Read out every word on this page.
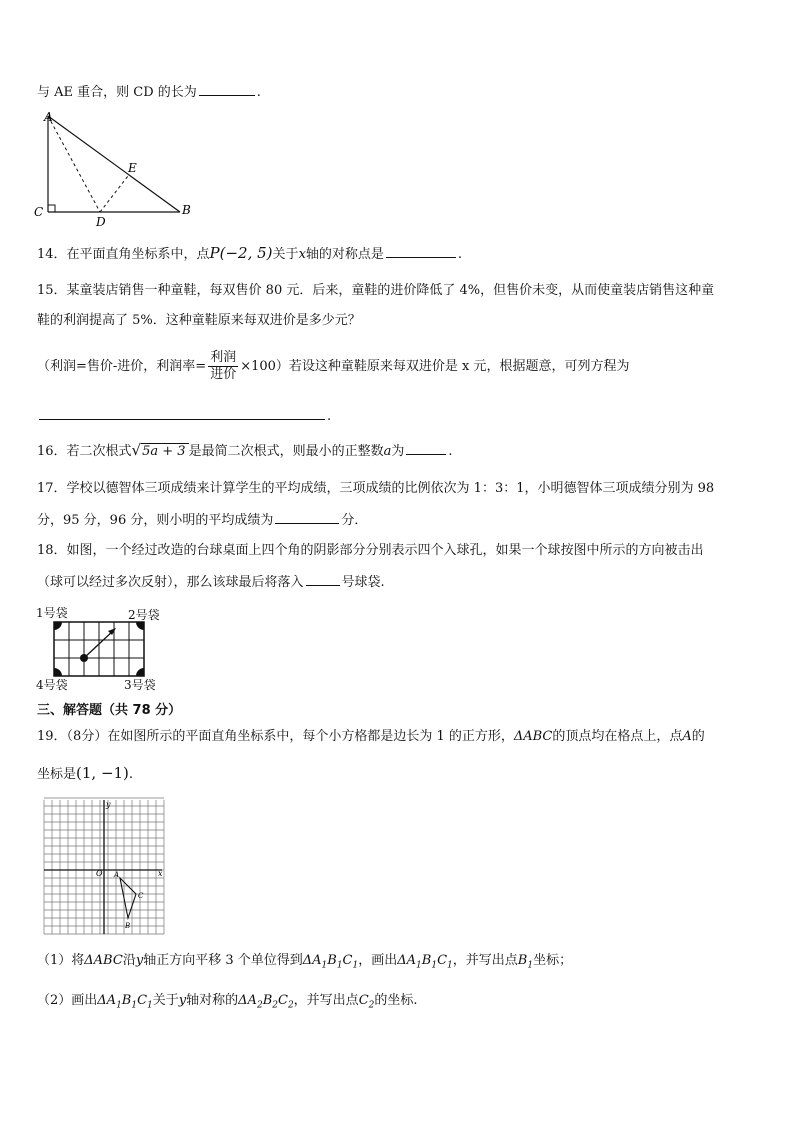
与 AE 重合，则 CD 的长为	.
A
B
C
D
E
14．在平面直角坐标系中，点P(−2, 5)关于x轴的对称点是	.
15．某童装店销售一种童鞋，每双售价 80 元．后来，童鞋的进价降低了 4%，但售价未变，从而使童装店销售这种童
鞋的利润提高了 5%．这种童鞋原来每双进价是多少元？
（利润=售价-进价，利润率= $\frac{\text{利润}}{\text{进价}} \times 100$）若设这种童鞋原来每双进价是 x 元，根据题意，可列方程为
.
16．若二次根式√5a + 3 是最简二次根式，则最小的正整数a为	.
17．学校以德智体三项成绩来计算学生的平均成绩，三项成绩的比例依次为 1：3：1，小明德智体三项成绩分别为 98
分，95 分，96 分，则小明的平均成绩为	分．
18．如图，一个经过改造的台球桌面上四个角的阴影部分分别表示四个入球孔，如果一个球按图中所示的方向被击出
（球可以经过多次反射），那么该球最后将落入	号球袋.
1号袋	2号袋
4号袋	3号袋
三、解答题（共 78 分）
19．（8分）在如图所示的平面直角坐标系中，每个小方格都是边长为 1 的正方形，ΔABC的顶点均在格点上，点A的
坐标是(1, −1).
O	x
y
A
C
B
（1）将ΔABC沿y轴正方向平移 3 个单位得到$\Delta A_1B_1C_1$，画出$\Delta A_1B_1C_1$，并写出点$B_1$坐标；
（2）画出$\Delta A_1B_1C_1$关于y轴对称的$\Delta A_2B_2C_2$，并写出点$C_2$的坐标.
